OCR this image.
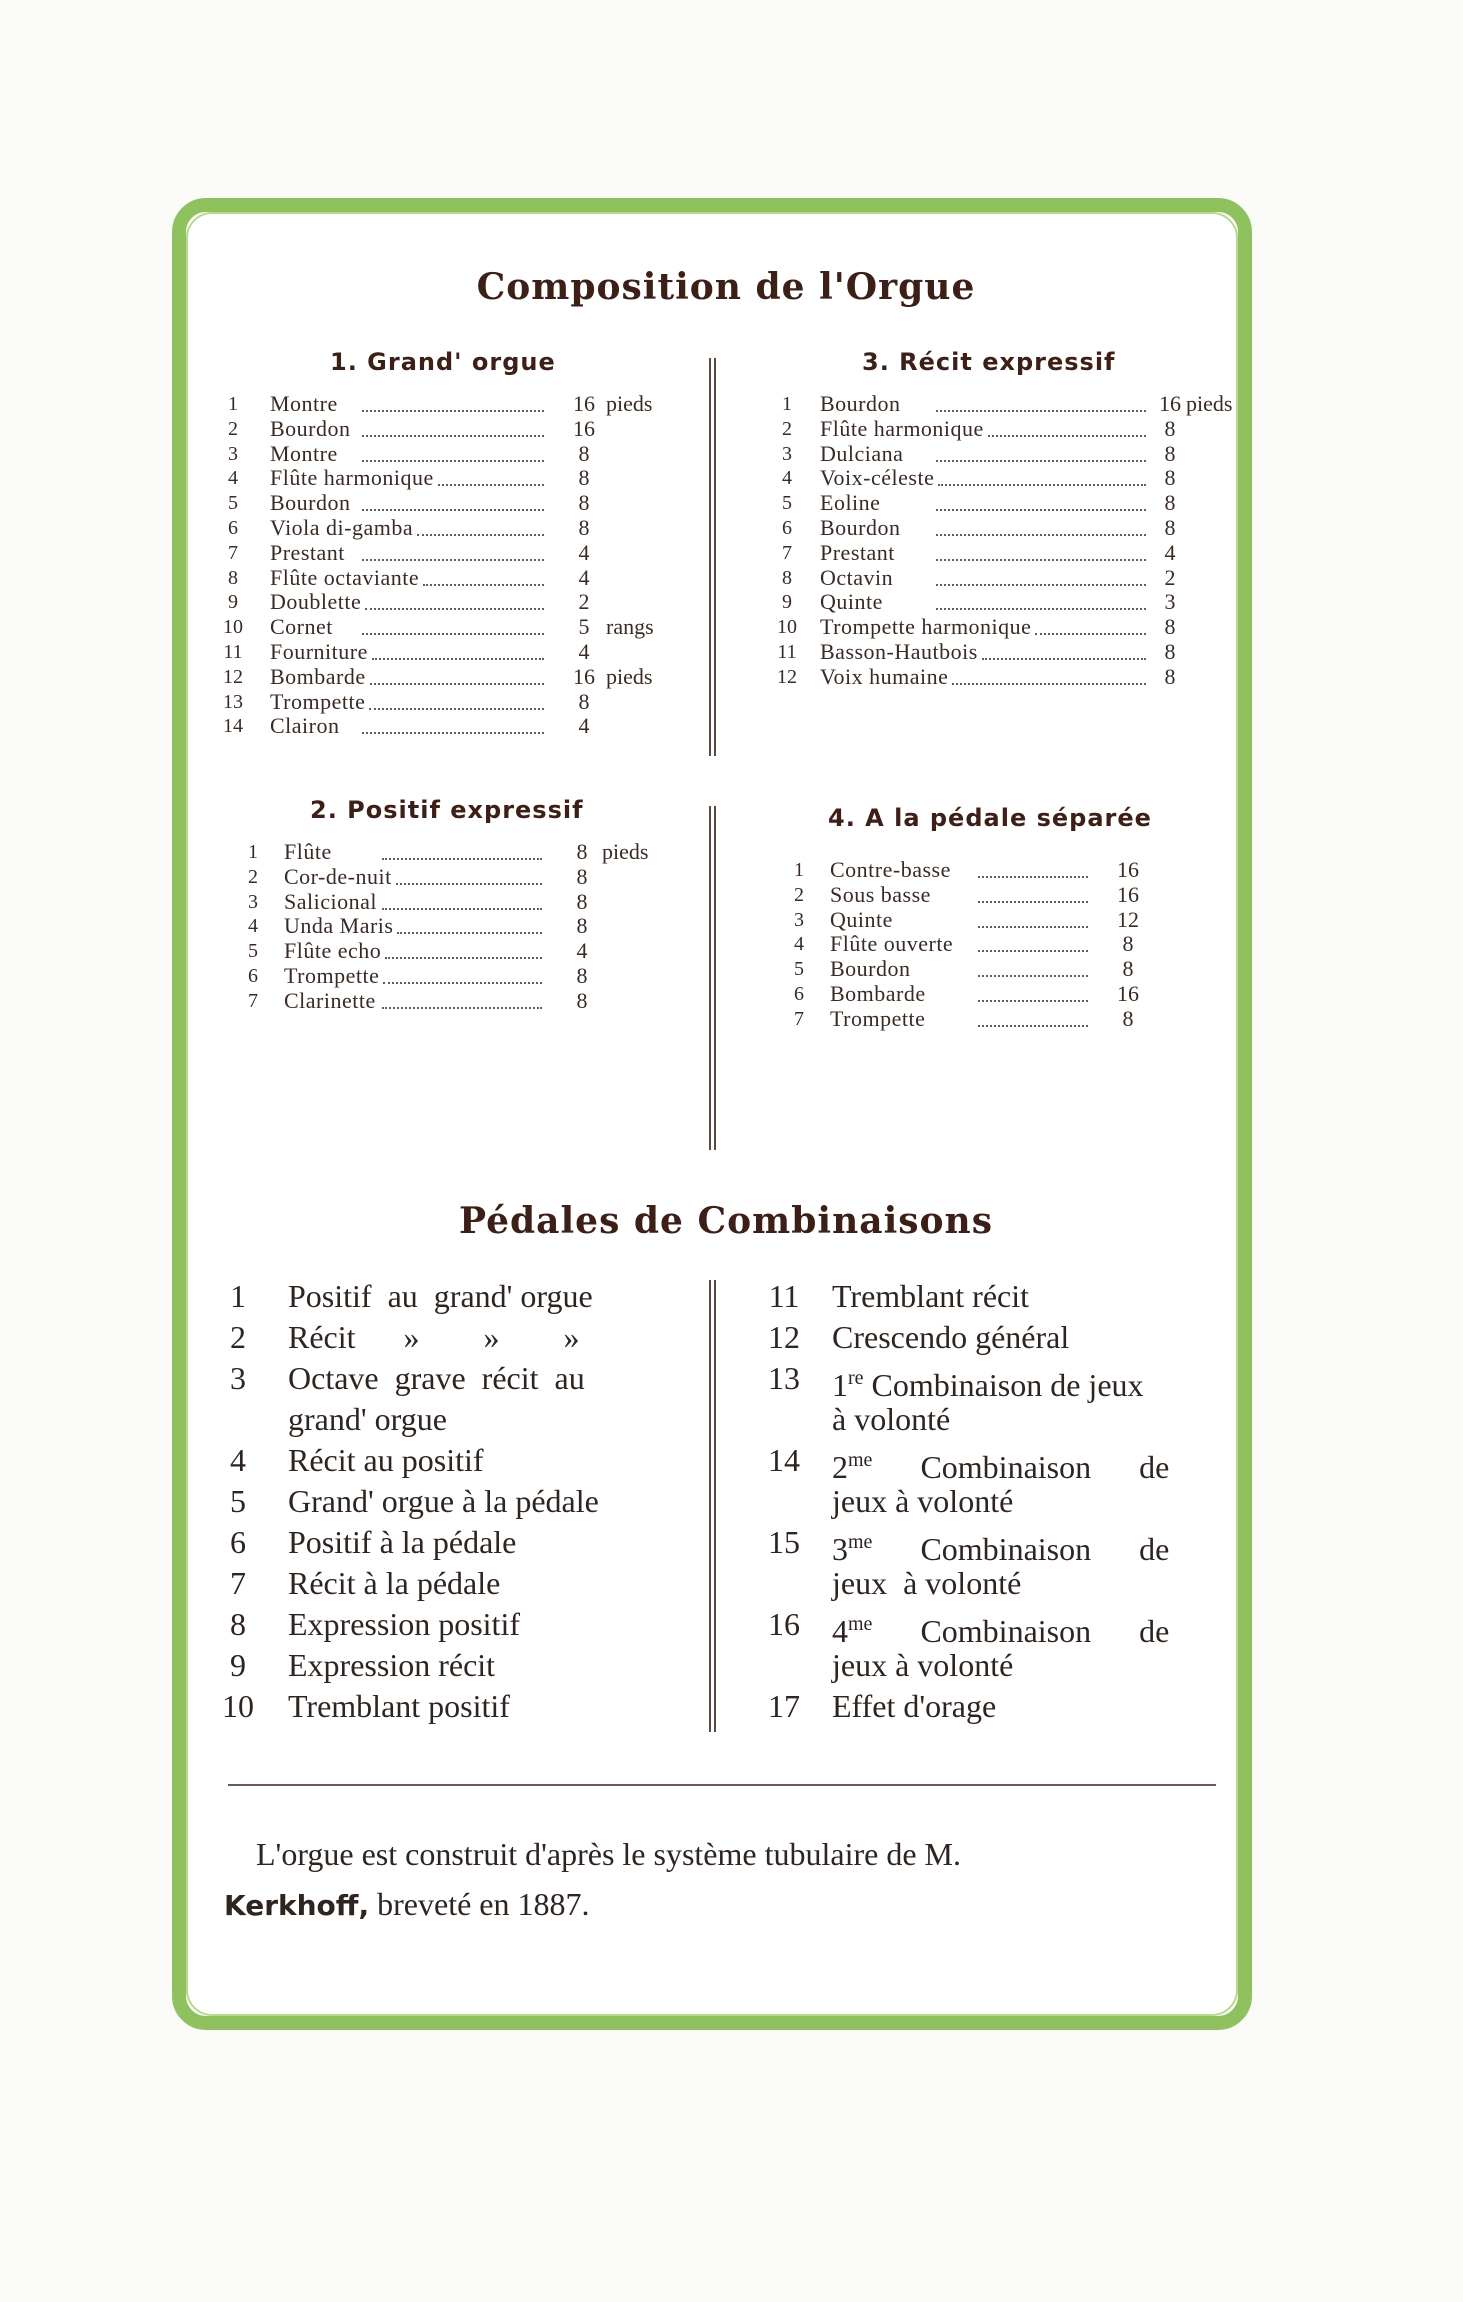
Composition de l'Orgue
1. Grand' orgue	3. Récit expressif
2. Positif expressif	4. A la pédale séparée
1 Montre	16 pieds
2 Bourdon	16
3 Montre	8
4 Flûte harmonique	8
5 Bourdon	8
6 Viola di-gamba	8
7 Prestant	4
8 Flûte octaviante	4
9 Doublette	2
10 Cornet	5 rangs
11 Fourniture	4
12 Bombarde	16 pieds
13 Trompette	8
14 Clairon	4
1 Bourdon	16 pieds
2 Flûte harmonique	8
3 Dulciana	8
4 Voix-céleste	8
5 Eoline	8
6 Bourdon	8
7 Prestant	4
8 Octavin	2
9 Quinte	3
10 Trompette harmonique	8
11 Basson-Hautbois	8
12 Voix humaine	8
1 Flûte	8 pieds
2 Cor-de-nuit	8
3 Salicional	8
4 Unda Maris	8
5 Flûte echo	4
6 Trompette	8
7 Clarinette	8
1 Contre-basse	16
2 Sous basse	16
3 Quinte	12
4 Flûte ouverte	8
5 Bourdon	8
6 Bombarde	16
7 Trompette	8
Pédales de Combinaisons
1	Positif  au  grand' orgue
2	Récit      »        »        »
3	Octave  grave  récit  au
grand' orgue
4	Récit au positif
5	Grand' orgue à la pédale
6	Positif à la pédale
7	Récit à la pédale
8	Expression positif
9	Expression récit
10 Tremblant positif
11 Tremblant récit
12 Crescendo général
13 1re Combinaison de jeux
à volonté
14 $2^{me}$      Combinaison      de
jeux à volonté
15 $3^{me}$      Combinaison      de
jeux  à volonté
16 $4^{me}$      Combinaison      de
jeux à volonté
17 Effet d'orage
L'orgue est construit d'après le système tubulaire de M.
Kerkhoff, breveté en 1887.
